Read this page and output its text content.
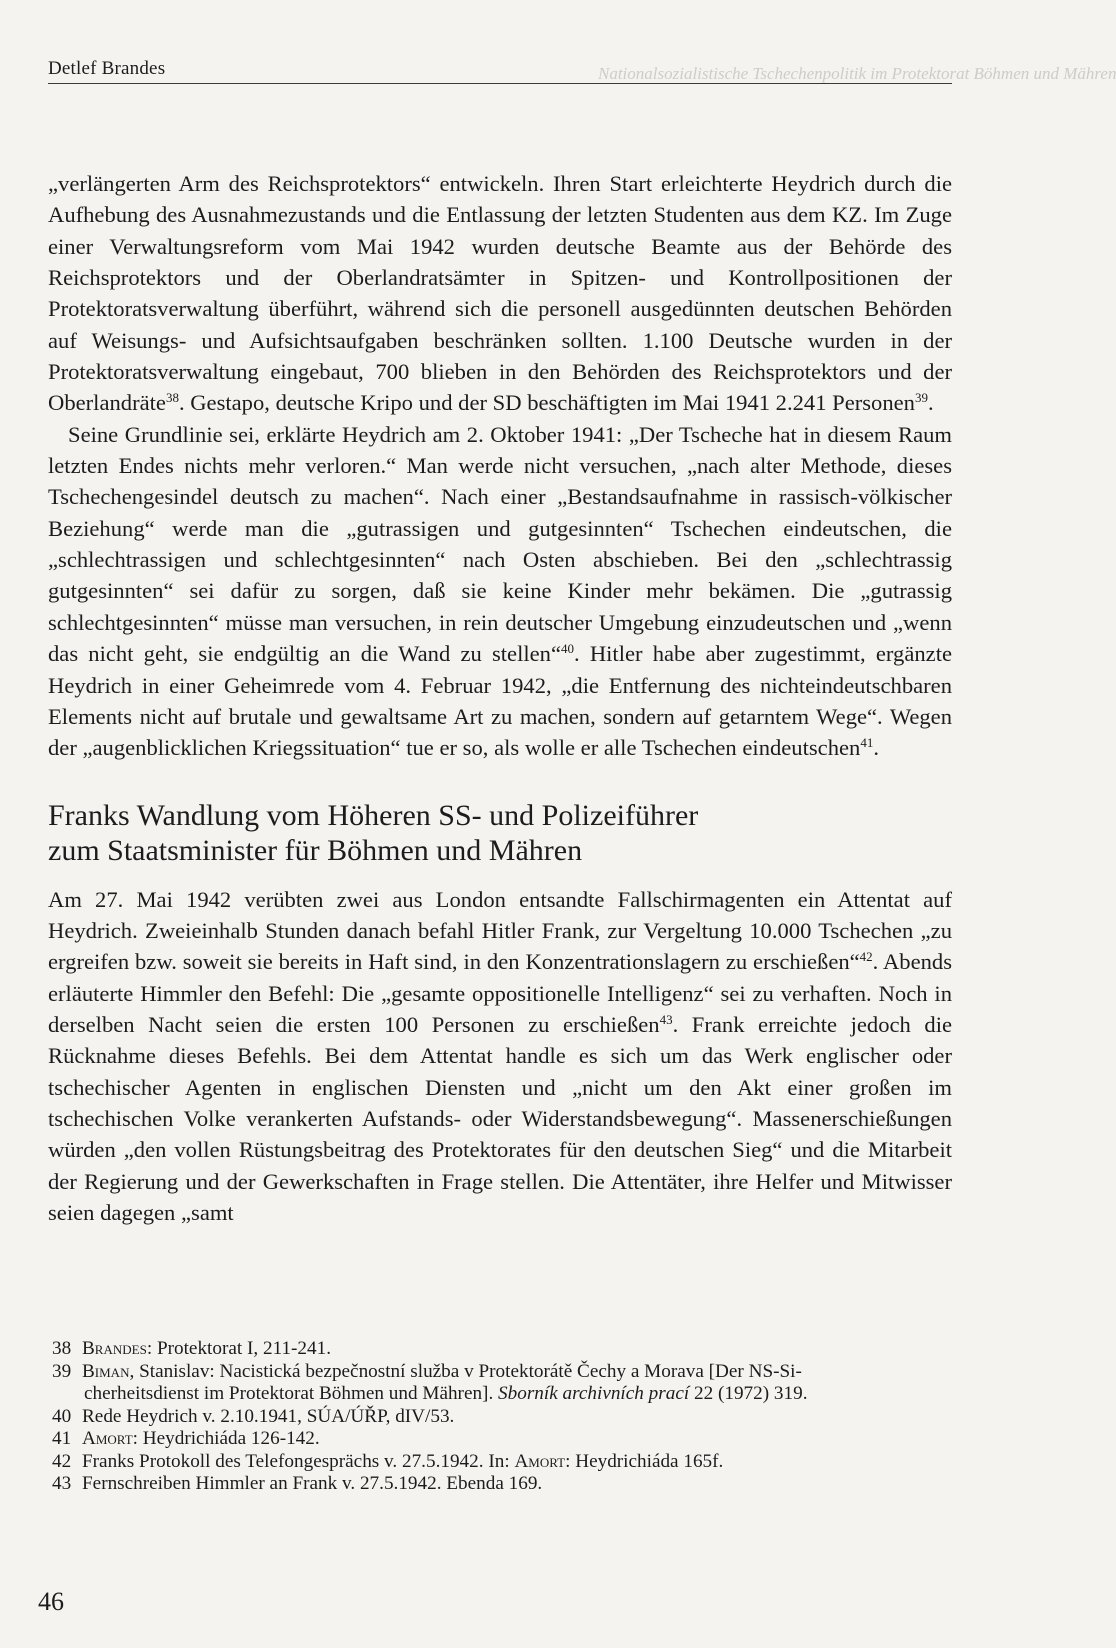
Detlef Brandes	Nationalsozialistische Tschechenpolitik im Protektorat Böhmen und Mähren

„verlängerten Arm des Reichsprotektors“ entwickeln. Ihren Start erleichterte Heydrich durch die Aufhebung des Ausnahmezustands und die Entlassung der letzten Studenten aus dem KZ. Im Zuge einer Verwaltungsreform vom Mai 1942 wurden deutsche Beamte aus der Behörde des Reichsprotektors und der Oberlandratsämter in Spitzen- und Kontrollpositionen der Protektoratsverwaltung überführt, während sich die personell ausgedünnten deutschen Behörden auf Weisungs- und Aufsichtsaufgaben beschränken sollten. 1.100 Deutsche wurden in der Protektoratsverwaltung eingebaut, 700 blieben in den Behörden des Reichsprotektors und der Oberlandräte$^{38}$. Gestapo, deutsche Kripo und der SD beschäftigten im Mai 1941 2.241 Personen$^{39}$.

Seine Grundlinie sei, erklärte Heydrich am 2. Oktober 1941: „Der Tscheche hat in diesem Raum letzten Endes nichts mehr verloren.“ Man werde nicht versuchen, „nach alter Methode, dieses Tschechengesindel deutsch zu machen“. Nach einer „Bestandsaufnahme in rassisch-völkischer Beziehung“ werde man die „gutrassigen und gutgesinnten“ Tschechen eindeutschen, die „schlechtrassigen und schlechtgesinnten“ nach Osten abschieben. Bei den „schlechtrassig gutgesinnten“ sei dafür zu sorgen, daß sie keine Kinder mehr bekämen. Die „gutrassig schlechtgesinnten“ müsse man versuchen, in rein deutscher Umgebung einzudeutschen und „wenn das nicht geht, sie endgültig an die Wand zu stellen“$^{40}$. Hitler habe aber zugestimmt, ergänzte Heydrich in einer Geheimrede vom 4. Februar 1942, „die Entfernung des nichteindeutschbaren Elements nicht auf brutale und gewaltsame Art zu machen, sondern auf getarntem Wege“. Wegen der „augenblicklichen Kriegssituation“ tue er so, als wolle er alle Tschechen eindeutschen$^{41}$.

Franks Wandlung vom Höheren SS- und Polizeiführer
zum Staatsminister für Böhmen und Mähren

Am 27. Mai 1942 verübten zwei aus London entsandte Fallschirmagenten ein Attentat auf Heydrich. Zweieinhalb Stunden danach befahl Hitler Frank, zur Vergeltung 10.000 Tschechen „zu ergreifen bzw. soweit sie bereits in Haft sind, in den Konzentrationslagern zu erschießen“$^{42}$. Abends erläuterte Himmler den Befehl: Die „gesamte oppositionelle Intelligenz“ sei zu verhaften. Noch in derselben Nacht seien die ersten 100 Personen zu erschießen$^{43}$. Frank erreichte jedoch die Rücknahme dieses Befehls. Bei dem Attentat handle es sich um das Werk englischer oder tschechischer Agenten in englischen Diensten und „nicht um den Akt einer großen im tschechischen Volke verankerten Aufstands- oder Widerstandsbewegung“. Massenerschießungen würden „den vollen Rüstungsbeitrag des Protektorates für den deutschen Sieg“ und die Mitarbeit der Regierung und der Gewerkschaften in Frage stellen. Die Attentäter, ihre Helfer und Mitwisser seien dagegen „samt

38 Brandes: Protektorat I, 211-241.

39 Biman, Stanislav: Nacistická bezpečnostní služba v Protektorátě Čechy a Morava [Der NS-Si-
cherheitsdienst im Protektorat Böhmen und Mähren]. Sborník archivních prací 22 (1972) 319.

40 Rede Heydrich v. 2.10.1941, SÚA/ÚŘP, dIV/53.

41 Amort: Heydrichiáda 126-142.

42 Franks Protokoll des Telefongesprächs v. 27.5.1942. In: Amort: Heydrichiáda 165f.

43 Fernschreiben Himmler an Frank v. 27.5.1942. Ebenda 169.

46
